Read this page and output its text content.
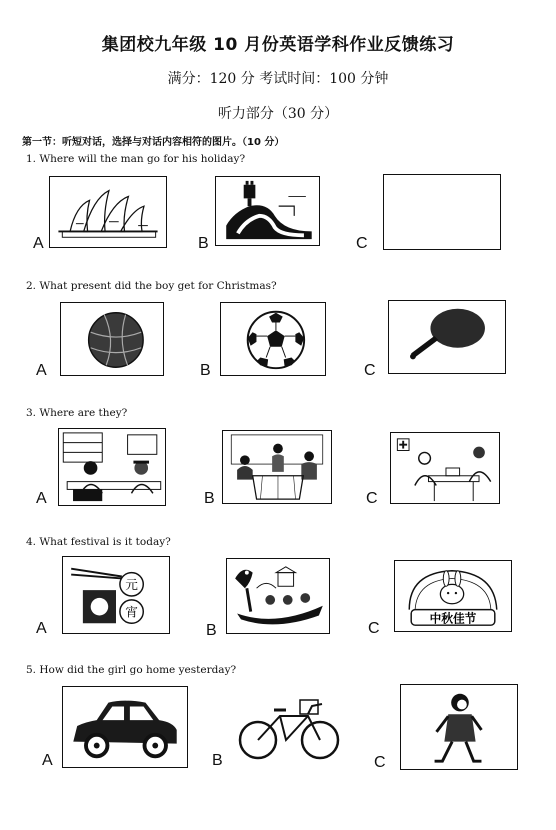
集团校九年级 10 月份英语学科作业反馈练习
满分：120 分 考试时间：100 分钟
听力部分（30 分）
第一节：听短对话，选择与对话内容相符的图片。（10 分）
1. Where will the man go for his holiday?
A	B	C
2. What present did the boy get for Christmas?
A	B	C
3. Where are they?
A	B	C
4. What festival is it today?
A
元
宵
B	C
中秋佳节
5. How did the girl go home yesterday?
A	B	C
